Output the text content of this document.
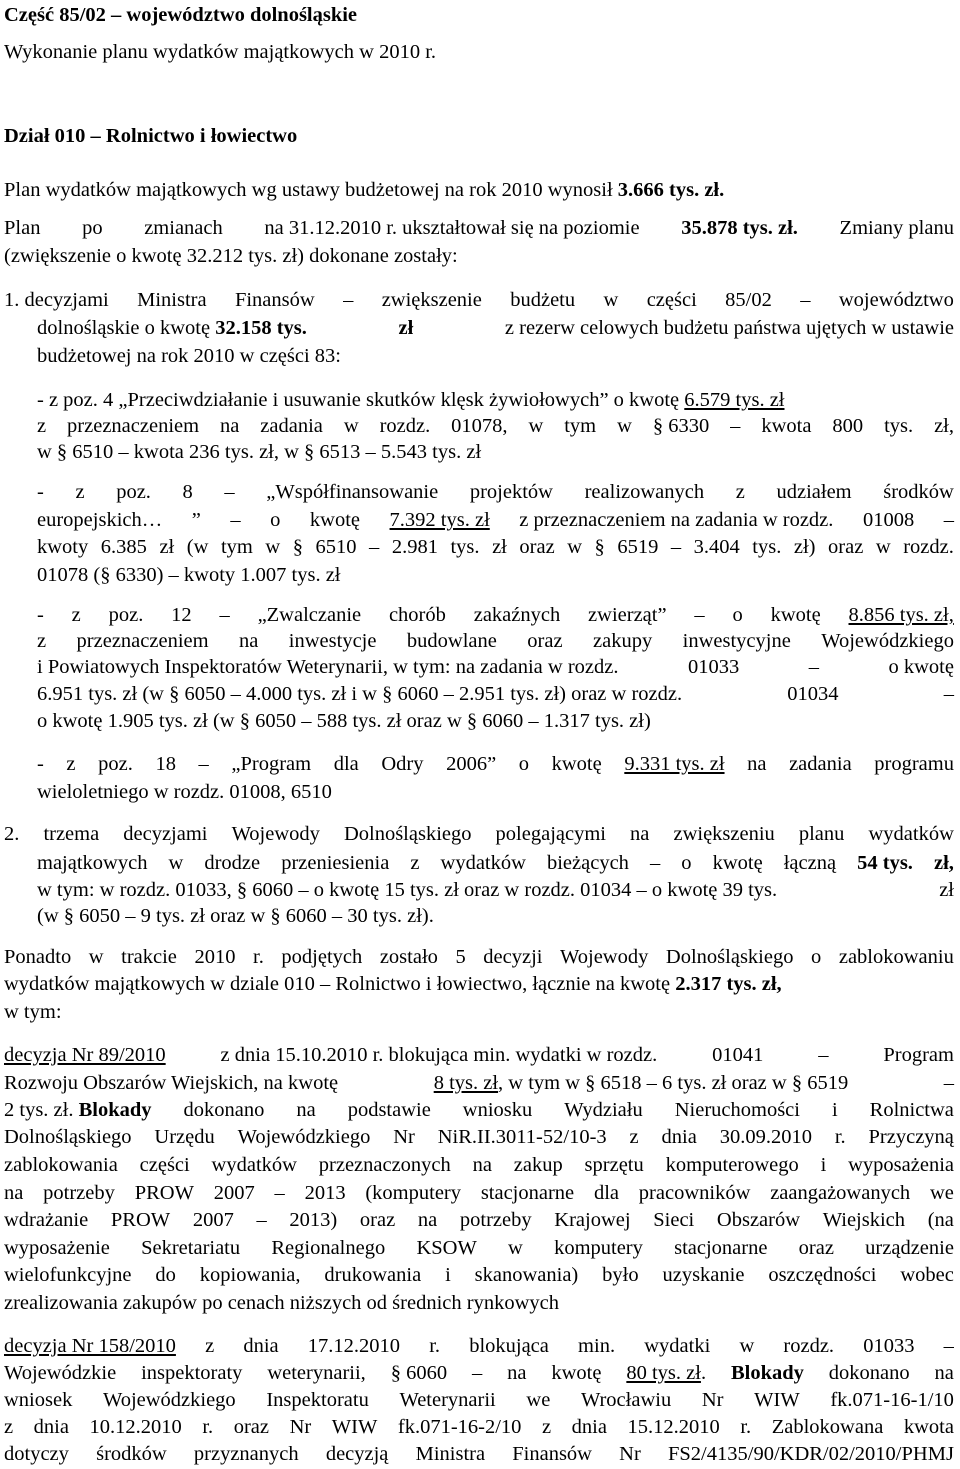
Część 85/02 – województwo dolnośląskie
Wykonanie planu wydatków majątkowych w 2010 r.
Dział 010 – Rolnictwo i łowiectwo
Plan wydatków majątkowych wg ustawy budżetowej na rok 2010 wynosił 3.666 tys. zł.
Plan po zmianach na 31.12.2010 r. ukształtował się na poziomie 35.878 tys. zł. Zmiany planu
(zwiększenie o kwotę 32.212 tys. zł) dokonane zostały:
1. decyzjami Ministra Finansów – zwiększenie budżetu w części 85/02 – województwo
dolnośląskie o kwotę 32.158 tys.	zł	z rezerw celowych budżetu państwa ujętych w ustawie
budżetowej na rok 2010 w części 83:
- z poz. 4 „Przeciwdziałanie i usuwanie skutków klęsk żywiołowych” o kwotę 6.579 tys. zł
z przeznaczeniem na zadania w rozdz. 01078, w tym w § 6330 – kwota 800 tys. zł,
w § 6510 – kwota 236 tys. zł, w § 6513 – 5.543 tys. zł
- z poz. 8 – „Współfinansowanie projektów realizowanych z udziałem środków
europejskich… ” – o kwotę 7.392 tys. zł z przeznaczeniem na zadania w rozdz. 01008 –
kwoty 6.385 zł (w tym w § 6510 – 2.981 tys. zł oraz w § 6519 – 3.404 tys. zł) oraz w rozdz.
01078 (§ 6330) – kwoty 1.007 tys. zł
- z poz. 12 – „Zwalczanie chorób zakaźnych zwierząt” – o kwotę 8.856 tys. zł,
z przeznaczeniem na inwestycje budowlane oraz zakupy inwestycyjne Wojewódzkiego
i Powiatowych Inspektoratów Weterynarii, w tym: na zadania w rozdz.	01033	–	o kwotę
6.951 tys. zł (w § 6050 – 4.000 tys. zł i w § 6060 – 2.951 tys. zł) oraz w rozdz.	01034	–
o kwotę 1.905 tys. zł (w § 6050 – 588 tys. zł oraz w § 6060 – 1.317 tys. zł)
- z poz. 18 – „Program dla Odry 2006” o kwotę 9.331 tys. zł na zadania programu
wieloletniego w rozdz. 01008, 6510
2. trzema decyzjami Wojewody Dolnośląskiego polegającymi na zwiększeniu planu wydatków
majątkowych w drodze przeniesienia z wydatków bieżących – o kwotę łączną 54 tys. zł,
w tym: w rozdz. 01033, § 6060 – o kwotę 15 tys. zł oraz w rozdz. 01034 – o kwotę 39 tys.	zł
(w § 6050 – 9 tys. zł oraz w § 6060 – 30 tys. zł).
Ponadto w trakcie 2010 r. podjętych zostało 5 decyzji Wojewody Dolnośląskiego o zablokowaniu
wydatków majątkowych w dziale 010 – Rolnictwo i łowiectwo, łącznie na kwotę 2.317 tys. zł,
w tym:
decyzja Nr 89/2010	z dnia 15.10.2010 r. blokująca min. wydatki w rozdz.	01041	–	Program
Rozwoju Obszarów Wiejskich, na kwotę	8 tys. zł, w tym w § 6518 – 6 tys. zł oraz w § 6519	–
2 tys. zł. Blokady dokonano na podstawie wniosku Wydziału Nieruchomości i Rolnictwa
Dolnośląskiego Urzędu Wojewódzkiego Nr NiR.II.3011-52/10-3 z dnia 30.09.2010 r. Przyczyną
zablokowania części wydatków przeznaczonych na zakup sprzętu komputerowego i wyposażenia
na potrzeby PROW 2007 – 2013 (komputery stacjonarne dla pracowników zaangażowanych we
wdrażanie PROW 2007 – 2013) oraz na potrzeby Krajowej Sieci Obszarów Wiejskich (na
wyposażenie Sekretariatu Regionalnego KSOW w komputery stacjonarne oraz urządzenie
wielofunkcyjne do kopiowania, drukowania i skanowania) było uzyskanie oszczędności wobec
zrealizowania zakupów po cenach niższych od średnich rynkowych
decyzja Nr 158/2010 z dnia 17.12.2010 r. blokująca min. wydatki w rozdz. 01033 –
Wojewódzkie inspektoraty weterynarii, § 6060 – na kwotę 80 tys. zł. Blokady dokonano na
wniosek Wojewódzkiego Inspektoratu Weterynarii we Wrocławiu Nr WIW fk.071-16-1/10
z dnia 10.12.2010 r. oraz Nr WIW fk.071-16-2/10 z dnia 15.12.2010 r. Zablokowana kwota
dotyczy środków przyznanych decyzją Ministra Finansów Nr FS2/4135/90/KDR/02/2010/PHMJ
